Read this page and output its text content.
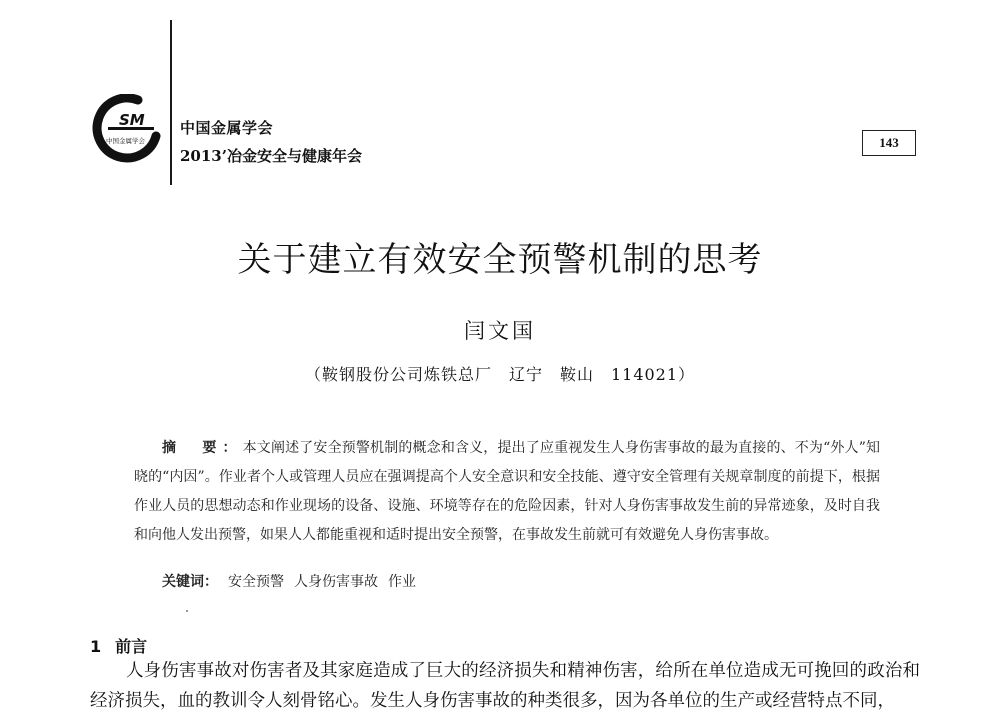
SM
中国金属学会
中国金属学会
2013’冶金安全与健康年会
143
关于建立有效安全预警机制的思考
闫文国
（鞍钢股份公司炼铁总厂　辽宁　鞍山　114021）
摘　要：本文阐述了安全预警机制的概念和含义，提出了应重视发生人身伤害事故的最为直接的、不为“外人”知晓的“内因”。作业者个人或管理人员应在强调提高个人安全意识和安全技能、遵守安全管理有关规章制度的前提下，根据作业人员的思想动态和作业现场的设备、设施、环境等存在的危险因素，针对人身伤害事故发生前的异常迹象，及时自我和向他人发出预警，如果人人都能重视和适时提出安全预警，在事故发生前就可有效避免人身伤害事故。
关键词： 安全预警 人身伤害事故 作业
1 前言
人身伤害事故对伤害者及其家庭造成了巨大的经济损失和精神伤害，给所在单位造成无可挽回的政治和经济损失，血的教训令人刻骨铭心。发生人身伤害事故的种类很多，因为各单位的生产或经营特点不同，
